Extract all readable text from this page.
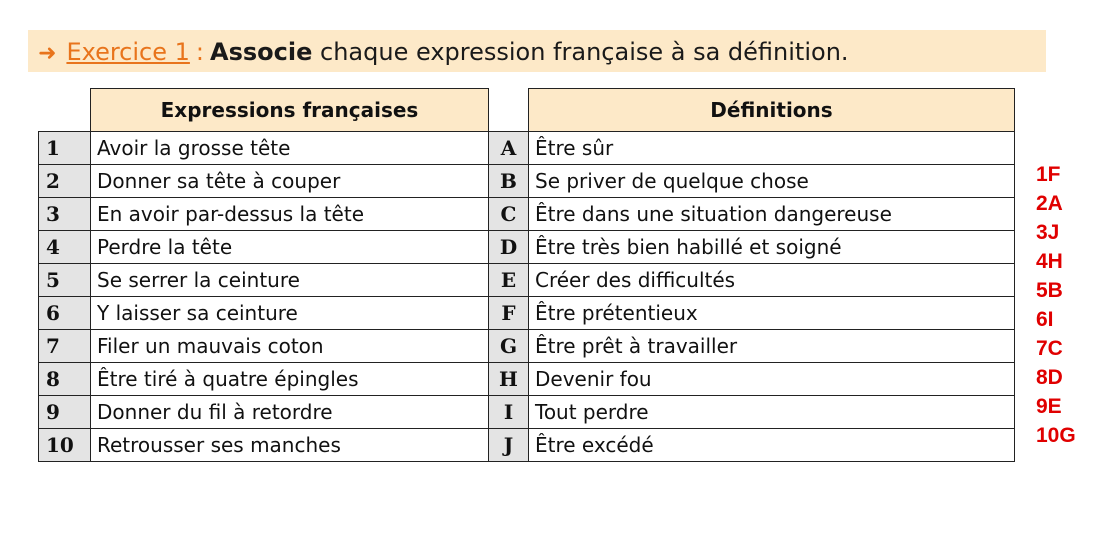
➜ Exercice 1 : Associe chaque expression française à sa définition.
	Expressions françaises		Définitions
1	Avoir la grosse tête	A	Être sûr
2	Donner sa tête à couper	B	Se priver de quelque chose
3	En avoir par-dessus la tête	C	Être dans une situation dangereuse
4	Perdre la tête	D	Être très bien habillé et soigné
5	Se serrer la ceinture	E	Créer des difficultés
6	Y laisser sa ceinture	F	Être prétentieux
7	Filer un mauvais coton	G	Être prêt à travailler
8	Être tiré à quatre épingles	H	Devenir fou
9	Donner du fil à retordre	I	Tout perdre
10	Retrousser ses manches	J	Être excédé
1F
2A
3J
4H
5B
6I
7C
8D
9E
10G
